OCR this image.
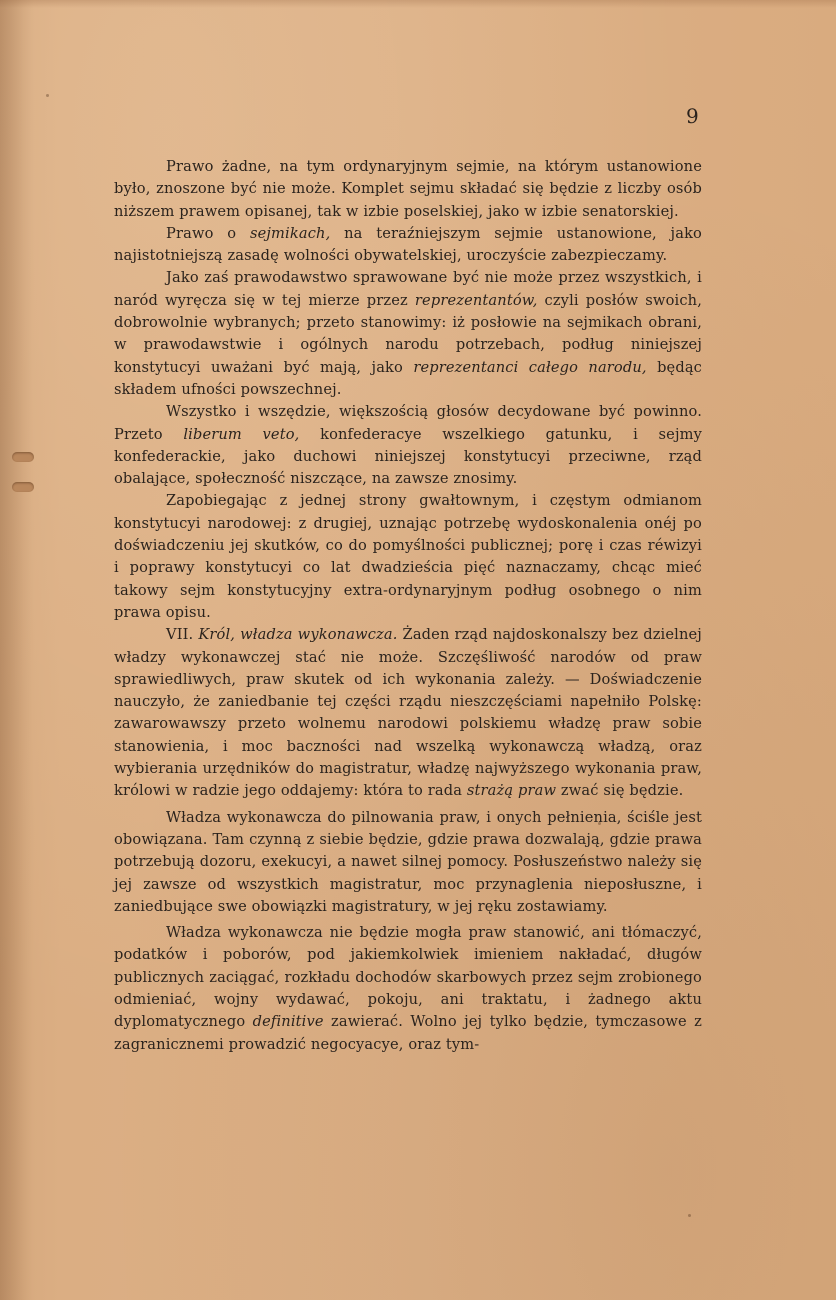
9

Prawo żadne, na tym ordynaryjnym sejmie, na którym ustanowione było, znoszone być nie może. Komplet sejmu składać się będzie z liczby osób niższem prawem opisanej, tak w izbie poselskiej, jako w izbie senatorskiej.

Prawo o sejmikach, na teraźniejszym sejmie ustanowione, jako najistotniejszą zasadę wolności obywatelskiej, uroczyście zabezpieczamy.

Jako zaś prawodawstwo sprawowane być nie może przez wszystkich, i naród wyręcza się w tej mierze przez reprezentantów, czyli posłów swoich, dobrowolnie wybranych; przeto stanowimy: iż posłowie na sejmikach obrani, w prawodawstwie i ogólnych narodu potrzebach, podług niniejszej konstytucyi uważani być mają, jako reprezentanci całego narodu, będąc składem ufności powszechnej.

Wszystko i wszędzie, większością głosów decydowane być powinno. Przeto liberum veto, konfederacye wszelkiego gatunku, i sejmy konfederackie, jako duchowi niniejszej konstytucyi przeciwne, rząd obalające, społeczność niszczące, na zawsze znosimy.

Zapobiegając z jednej strony gwałtownym, i częstym odmianom konstytucyi narodowej: z drugiej, uznając potrzebę wydoskonalenia onéj po doświadczeniu jej skutków, co do pomyślności publicznej; porę i czas réwizyi i poprawy konstytucyi co lat dwadzieścia pięć naznaczamy, chcąc mieć takowy sejm konstytucyjny extra-ordynaryjnym podług osobnego o nim prawa opisu.

VII. Król, władza wykonawcza. Żaden rząd najdoskonalszy bez dzielnej władzy wykonawczej stać nie może. Szczęśliwość narodów od praw sprawiedliwych, praw skutek od ich wykonania zależy. — Doświadczenie nauczyło, że zaniedbanie tej części rządu nieszczęściami napełniło Polskę: zawarowawszy przeto wolnemu narodowi polskiemu władzę praw sobie stanowienia, i moc baczności nad wszelką wykonawczą władzą, oraz wybierania urzędników do magistratur, władzę najwyższego wykonania praw, królowi w radzie jego oddajemy: która to rada strażą praw zwać się będzie.

Władza wykonawcza do pilnowania praw, i onych pełnienia, ściśle jest obowiązana. Tam czynną z siebie będzie, gdzie prawa dozwalają, gdzie prawa potrzebują dozoru, exekucyi, a nawet silnej pomocy. Posłuszeństwo należy się jej zawsze od wszystkich magistratur, moc przynaglenia nieposłuszne, i zaniedbujące swe obowiązki magistratury, w jej ręku zostawiamy.

Władza wykonawcza nie będzie mogła praw stanowić, ani tłómaczyć, podatków i poborów, pod jakiemkolwiek imieniem nakładać, długów publicznych zaciągać, rozkładu dochodów skarbowych przez sejm zrobionego odmieniać, wojny wydawać, pokoju, ani traktatu, i żadnego aktu dyplomatycznego definitive zawierać. Wolno jej tylko będzie, tymczasowe z zagranicznemi prowadzić negocyacye, oraz tym-
